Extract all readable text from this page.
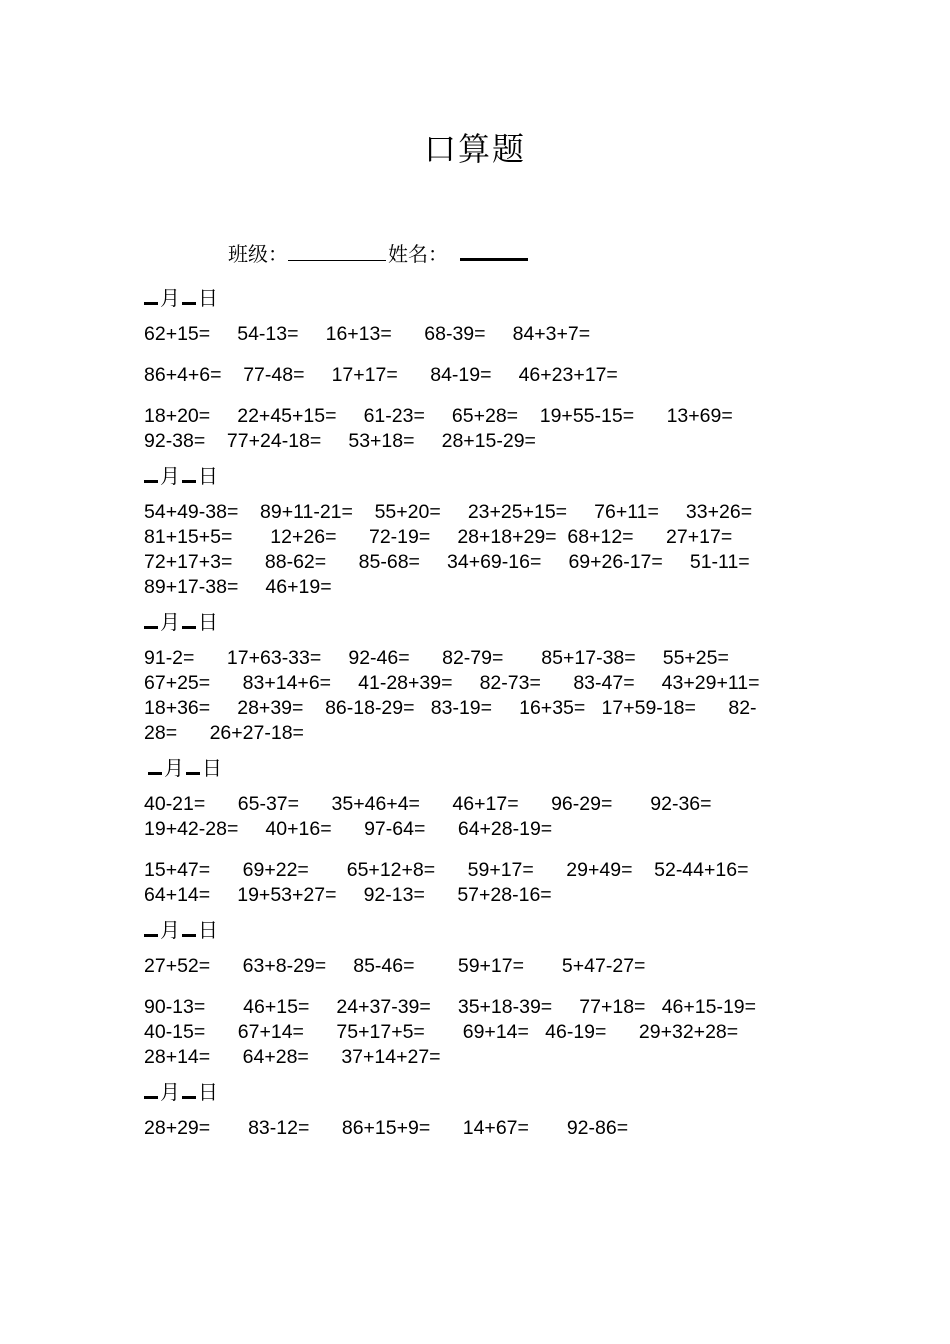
口算题
班级：	姓名：
月 日
62+15=     54-13=     16+13=      68-39=     84+3+7=
86+4+6=    77-48=     17+17=      84-19=     46+23+17=
18+20=     22+45+15=     61-23=     65+28=    19+55-15=      13+69=
92-38=    77+24-18=     53+18=     28+15-29=
月 日
54+49-38=    89+11-21=    55+20=     23+25+15=     76+11=     33+26=
81+15+5=       12+26=      72-19=     28+18+29=  68+12=      27+17=
72+17+3=      88-62=      85-68=     34+69-16=     69+26-17=     51-11=
89+17-38=     46+19=
月 日
91-2=      17+63-33=     92-46=      82-79=       85+17-38=     55+25=
67+25=      83+14+6=     41-28+39=     82-73=      83-47=     43+29+11=
18+36=     28+39=    86-18-29=   83-19=     16+35=   17+59-18=      82-
28=      26+27-18=
月 日
40-21=      65-37=      35+46+4=      46+17=      96-29=       92-36=
19+42-28=     40+16=      97-64=      64+28-19=
15+47=      69+22=       65+12+8=      59+17=      29+49=    52-44+16=
64+14=     19+53+27=     92-13=      57+28-16=
月 日
27+52=      63+8-29=     85-46=        59+17=       5+47-27=
90-13=       46+15=     24+37-39=     35+18-39=     77+18=   46+15-19=
40-15=      67+14=      75+17+5=       69+14=   46-19=      29+32+28=
28+14=      64+28=      37+14+27=
月 日
28+29=       83-12=      86+15+9=      14+67=       92-86=
